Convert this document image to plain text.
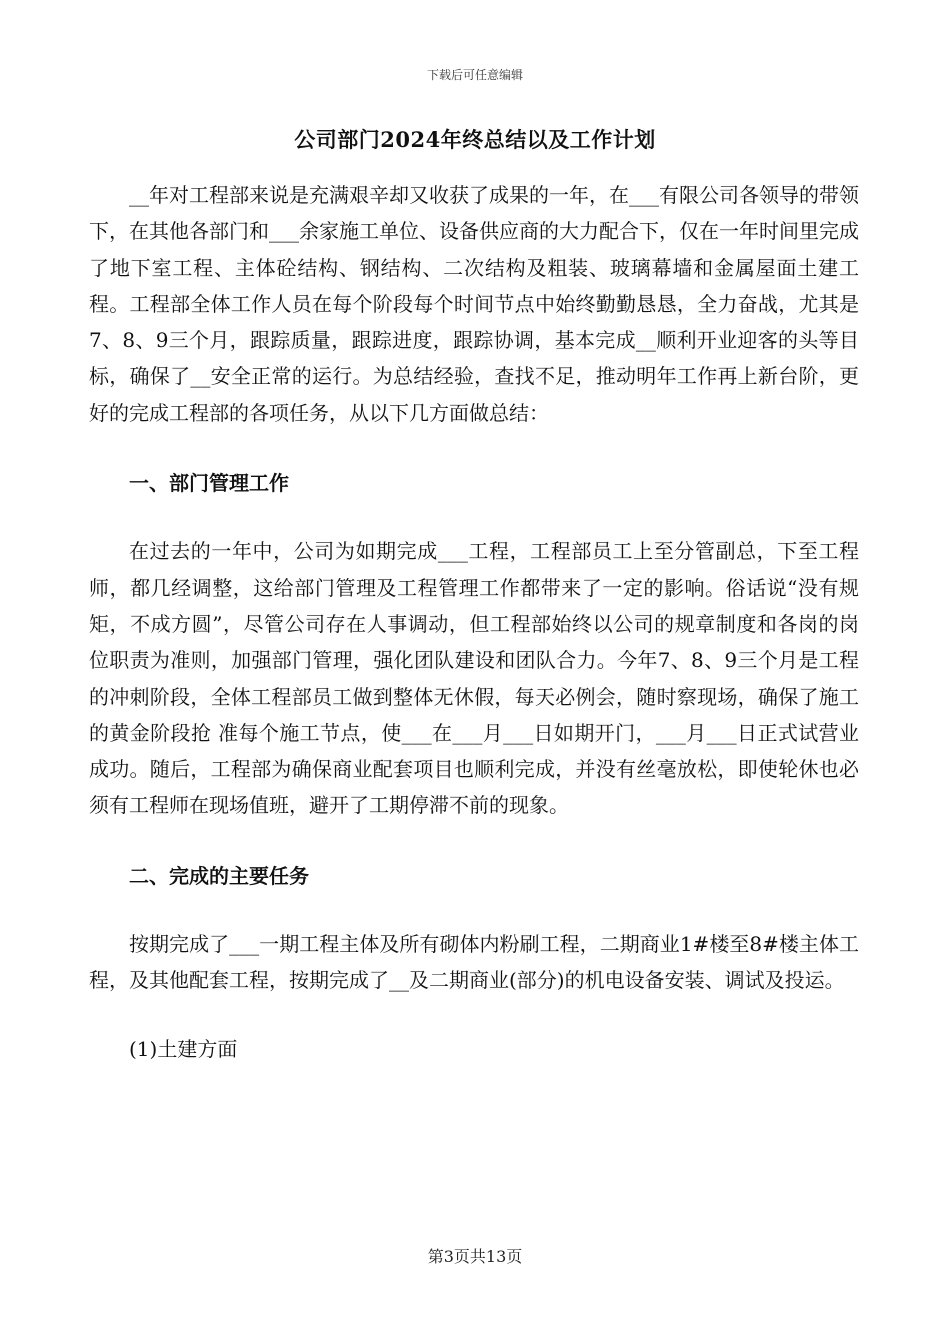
下载后可任意编辑
公司部门2024年终总结以及工作计划

__年对工程部来说是充满艰辛却又收获了成果的一年，在___有限公司各领导的带领下，在其他各部门和___余家施工单位、设备供应商的大力配合下，仅在一年时间里完成了地下室工程、主体砼结构、钢结构、二次结构及粗装、玻璃幕墙和金属屋面土建工程。工程部全体工作人员在每个阶段每个时间节点中始终勤勤恳恳，全力奋战，尤其是7、8、9三个月，跟踪质量，跟踪进度，跟踪协调，基本完成__顺利开业迎客的头等目标，确保了__安全正常的运行。为总结经验，查找不足，推动明年工作再上新台阶，更好的完成工程部的各项任务，从以下几方面做总结：

一、部门管理工作

在过去的一年中，公司为如期完成___工程，工程部员工上至分管副总，下至工程师，都几经调整，这给部门管理及工程管理工作都带来了一定的影响。俗话说“没有规矩，不成方圆”，尽管公司存在人事调动，但工程部始终以公司的规章制度和各岗的岗位职责为准则，加强部门管理，强化团队建设和团队合力。今年7、8、9三个月是工程的冲刺阶段，全体工程部员工做到整体无休假，每天必例会，随时察现场，确保了施工的黄金阶段抢 准每个施工节点，使___在___月___日如期开门，___月___日正式试营业成功。随后，工程部为确保商业配套项目也顺利完成，并没有丝毫放松，即使轮休也必须有工程师在现场值班，避开了工期停滞不前的现象。

二、完成的主要任务

按期完成了___一期工程主体及所有砌体内粉刷工程，二期商业1#楼至8#楼主体工程，及其他配套工程，按期完成了__及二期商业(部分)的机电设备安装、调试及投运。

(1)土建方面

第3页共13页
